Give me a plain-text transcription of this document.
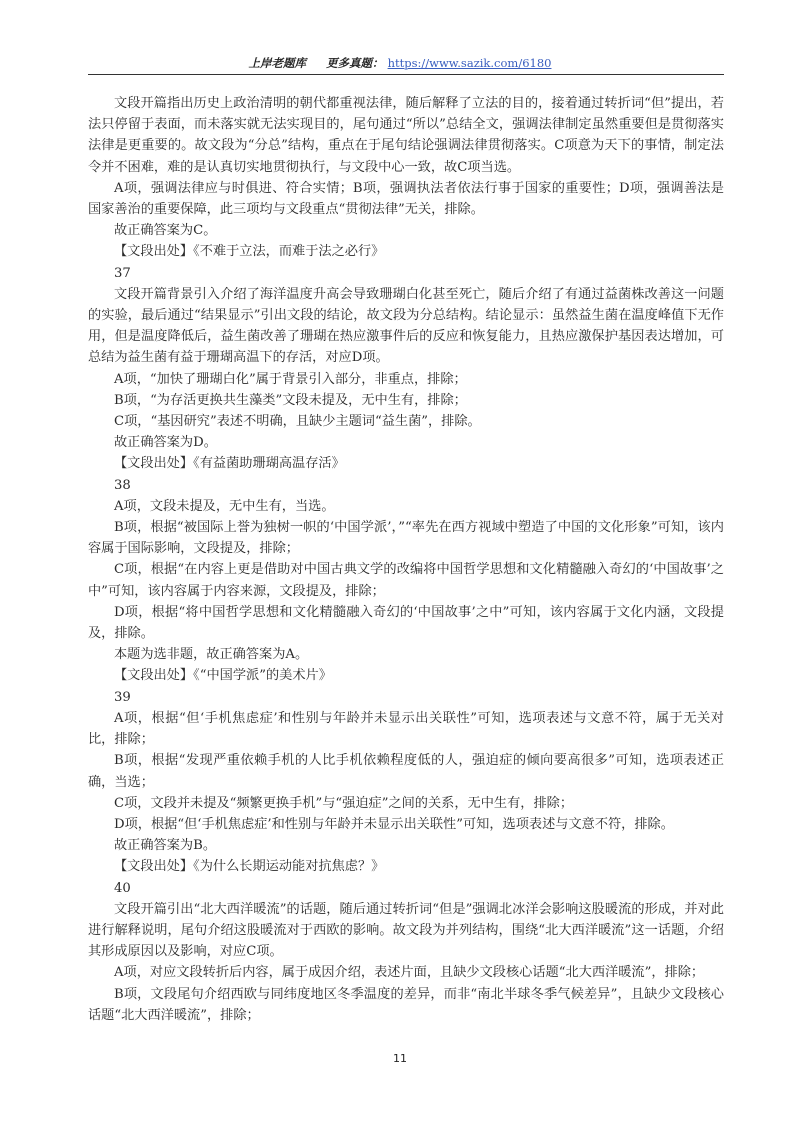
上岸老题库 更多真题： https://www.sazik.com/6180

文段开篇指出历史上政治清明的朝代都重视法律，随后解释了立法的目的，接着通过转折词“但”提出，若法只停留于表面，而未落实就无法实现目的，尾句通过“所以”总结全文，强调法律制定虽然重要但是贯彻落实法律是更重要的。故文段为“分总”结构，重点在于尾句结论强调法律贯彻落实。C项意为天下的事情，制定法令并不困难，难的是认真切实地贯彻执行，与文段中心一致，故C项当选。

A项，强调法律应与时俱进、符合实情；B项，强调执法者依法行事于国家的重要性；D项，强调善法是国家善治的重要保障，此三项均与文段重点“贯彻法律”无关，排除。

故正确答案为C。

【文段出处】《不难于立法，而难于法之必行》

37

文段开篇背景引入介绍了海洋温度升高会导致珊瑚白化甚至死亡，随后介绍了有通过益菌株改善这一问题的实验，最后通过“结果显示”引出文段的结论，故文段为分总结构。结论显示：虽然益生菌在温度峰值下无作用，但是温度降低后，益生菌改善了珊瑚在热应激事件后的反应和恢复能力，且热应激保护基因表达增加，可总结为益生菌有益于珊瑚高温下的存活，对应D项。

A项，“加快了珊瑚白化”属于背景引入部分，非重点，排除；

B项，“为存活更换共生藻类”文段未提及，无中生有，排除；

C项，“基因研究”表述不明确，且缺少主题词“益生菌”，排除。

故正确答案为D。

【文段出处】《有益菌助珊瑚高温存活》

38

A项，文段未提及，无中生有，当选。

B项，根据“被国际上誉为独树一帜的‘中国学派’，”“率先在西方视域中塑造了中国的文化形象”可知，该内容属于国际影响，文段提及，排除；

C项，根据“在内容上更是借助对中国古典文学的改编将中国哲学思想和文化精髓融入奇幻的‘中国故事’之中”可知，该内容属于内容来源，文段提及，排除；

D项，根据“将中国哲学思想和文化精髓融入奇幻的‘中国故事’之中”可知，该内容属于文化内涵，文段提及，排除。

本题为选非题，故正确答案为A。

【文段出处】《“中国学派”的美术片》

39

A项，根据“但‘手机焦虑症’和性别与年龄并未显示出关联性”可知，选项表述与文意不符，属于无关对比，排除；

B项，根据“发现严重依赖手机的人比手机依赖程度低的人，强迫症的倾向要高很多”可知，选项表述正确，当选；

C项，文段并未提及“频繁更换手机”与“强迫症”之间的关系，无中生有，排除；

D项，根据“但‘手机焦虑症’和性别与年龄并未显示出关联性”可知，选项表述与文意不符，排除。

故正确答案为B。

【文段出处】《为什么长期运动能对抗焦虑？》

40

文段开篇引出“北大西洋暖流”的话题，随后通过转折词“但是”强调北冰洋会影响这股暖流的形成，并对此进行解释说明，尾句介绍这股暖流对于西欧的影响。故文段为并列结构，围绕“北大西洋暖流”这一话题，介绍其形成原因以及影响，对应C项。

A项，对应文段转折后内容，属于成因介绍，表述片面，且缺少文段核心话题“北大西洋暖流”，排除；

B项，文段尾句介绍西欧与同纬度地区冬季温度的差异，而非“南北半球冬季气候差异”，且缺少文段核心话题“北大西洋暖流”，排除；

11
